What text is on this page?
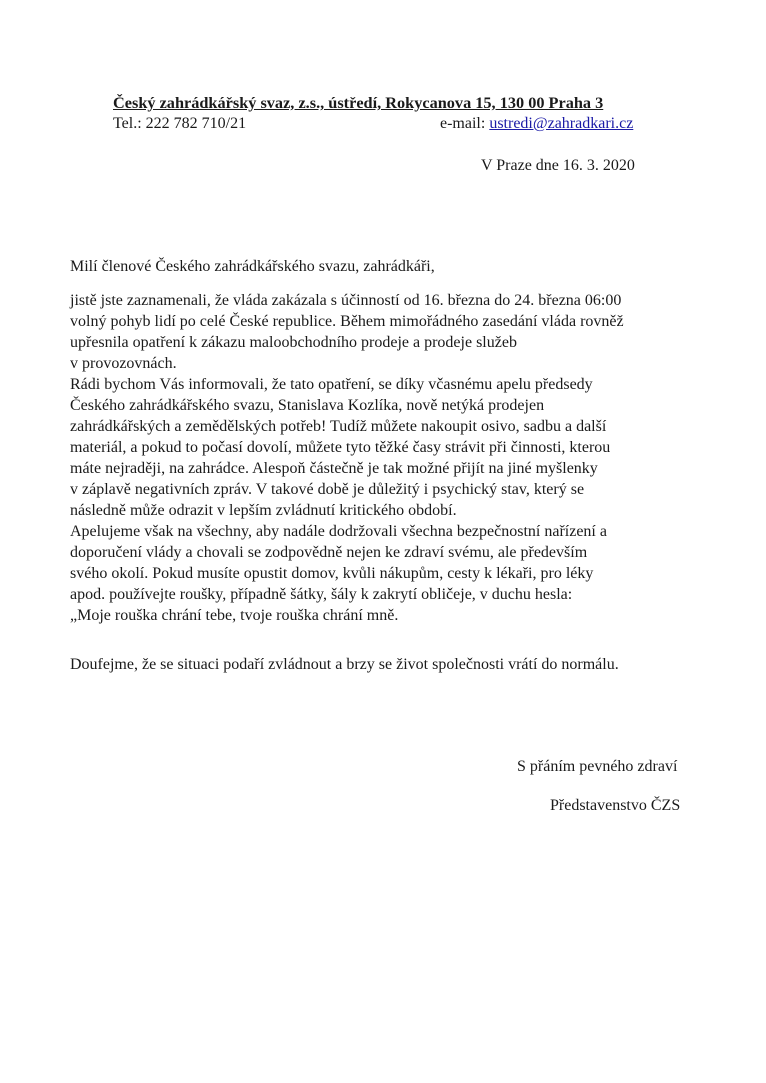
Český zahrádkářský svaz, z.s., ústředí, Rokycanova 15, 130 00 Praha 3
Tel.: 222 782 710/21	e-mail: ustredi@zahradkari.cz
V Praze dne 16. 3. 2020
Milí členové Českého zahrádkářského svazu, zahrádkáři,
jistě jste zaznamenali, že vláda zakázala s účinností od 16. března do 24. března 06:00
volný pohyb lidí po celé České republice. Během mimořádného zasedání vláda rovněž
upřesnila opatření k zákazu maloobchodního prodeje a prodeje služeb
v provozovnách.
Rádi bychom Vás informovali, že tato opatření, se díky včasnému apelu předsedy
Českého zahrádkářského svazu, Stanislava Kozlíka, nově netýká prodejen
zahrádkářských a zemědělských potřeb! Tudíž můžete nakoupit osivo, sadbu a další
materiál, a pokud to počasí dovolí, můžete tyto těžké časy strávit při činnosti, kterou
máte nejraději, na zahrádce. Alespoň částečně je tak možné přijít na jiné myšlenky
v záplavě negativních zpráv. V takové době je důležitý i psychický stav, který se
následně může odrazit v lepším zvládnutí kritického období.
Apelujeme však na všechny, aby nadále dodržovali všechna bezpečnostní nařízení a
doporučení vlády a chovali se zodpovědně nejen ke zdraví svému, ale především
svého okolí. Pokud musíte opustit domov, kvůli nákupům, cesty k lékaři, pro léky
apod. používejte roušky, případně šátky, šály k zakrytí obličeje, v duchu hesla:
„Moje rouška chrání tebe, tvoje rouška chrání mně.
Doufejme, že se situaci podaří zvládnout a brzy se život společnosti vrátí do normálu.
S přáním pevného zdraví
Představenstvo ČZS
